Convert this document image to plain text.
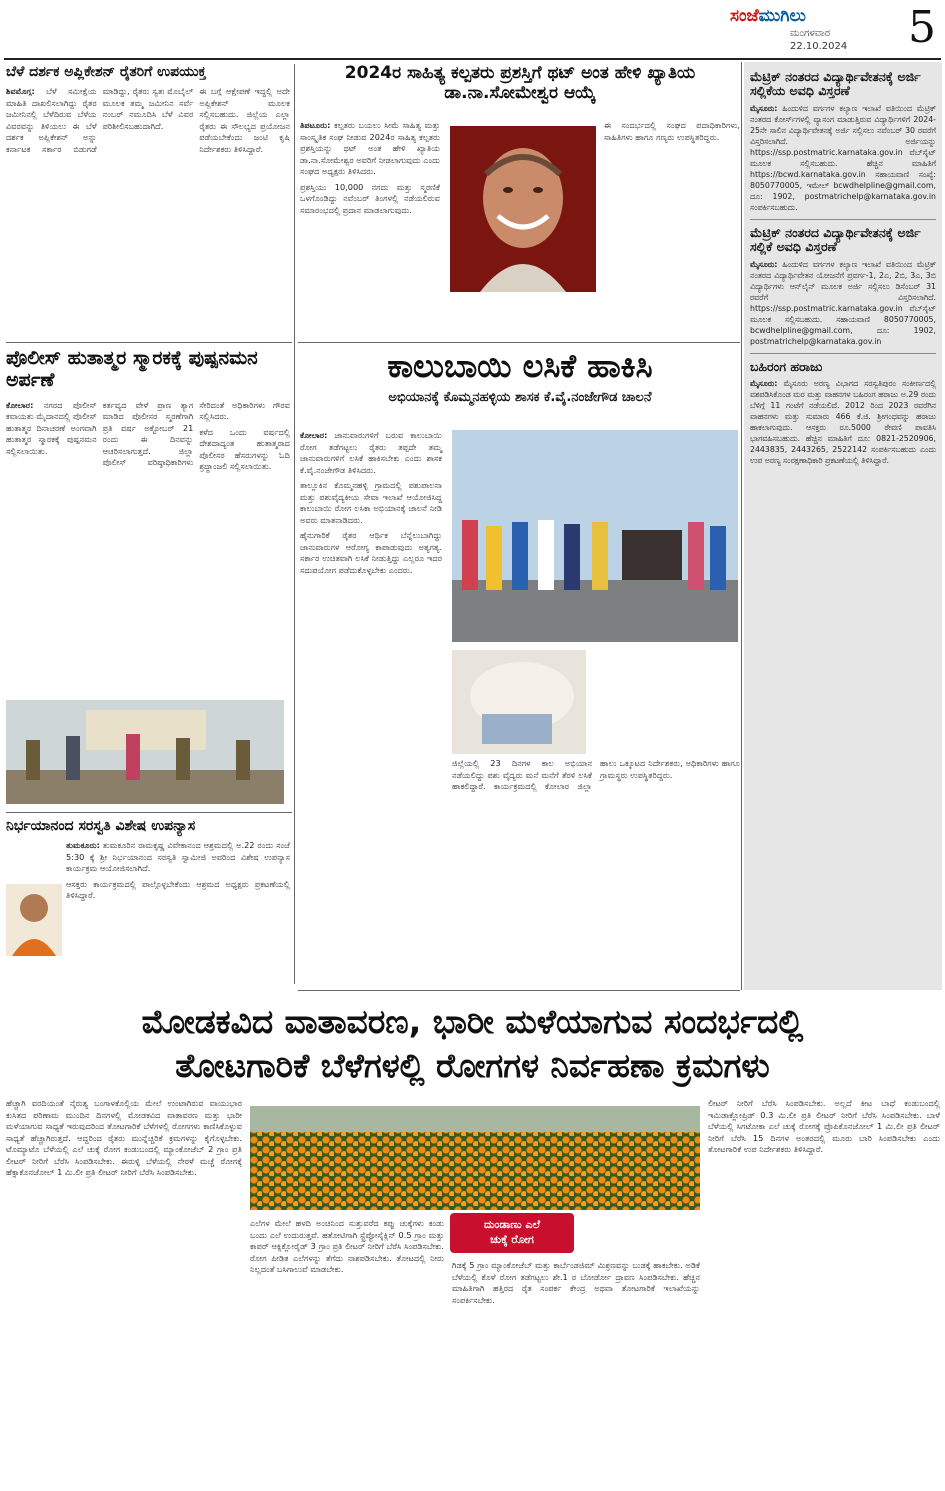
ಸಂಜೆಮುಗಿಲು
ಮಂಗಳವಾರ
22.10.2024 5
ಬೆಳೆ ದರ್ಶಕ ಅಪ್ಲಿಕೇಶನ್ ರೈತರಿಗೆ ಉಪಯುಕ್ತ

ಶಿವಮೊಗ್ಗ: ಬೆಳೆ ಸಮೀಕ್ಷೆಯ ಮಾಹಿತಿ ದಾಖಲಿಸಲಾಗಿದ್ದು ರೈತರ ಜಮೀನಿನಲ್ಲಿ ಬೆಳೆದಿರುವ ಬೆಳೆಯ ವಿವರವನ್ನು ತಿಳಿಯಲು ಈ ಬೆಳೆ ದರ್ಶಕ ಅಪ್ಲಿಕೇಶನ್ ಅನ್ನು ಕರ್ನಾಟಕ ಸರ್ಕಾರ ಬಿಡುಗಡೆ ಮಾಡಿದ್ದು, ರೈತರು ಸ್ವತಃ ಮೊಬೈಲ್ ಮೂಲಕ ತಮ್ಮ ಜಮೀನಿನ ಸರ್ವೆ ನಂಬರ್ ನಮೂದಿಸಿ ಬೆಳೆ ವಿವರ ಪರಿಶೀಲಿಸಬಹುದಾಗಿದೆ.

ಈ ಬಗ್ಗೆ ಆಕ್ಷೇಪಣೆ ಇದ್ದಲ್ಲಿ ಅದೇ ಅಪ್ಲಿಕೇಶನ್ ಮೂಲಕ ಸಲ್ಲಿಸಬಹುದು. ಜಿಲ್ಲೆಯ ಎಲ್ಲಾ ರೈತರು ಈ ಸೌಲಭ್ಯದ ಪ್ರಯೋಜನ ಪಡೆಯಬೇಕೆಂದು ಜಂಟಿ ಕೃಷಿ ನಿರ್ದೇಶಕರು ತಿಳಿಸಿದ್ದಾರೆ.

2024ರ ಸಾಹಿತ್ಯ ಕಲ್ಪತರು ಪ್ರಶಸ್ತಿಗೆ ಥಟ್ ಅಂತ ಹೇಳಿ ಖ್ಯಾತಿಯ ಡಾ.ನಾ.ಸೋಮೇಶ್ವರ ಆಯ್ಕೆ

ತಿಪಟೂರು: ಕಲ್ಪತರು ಬಯಲು ಸೀಮೆ ಸಾಹಿತ್ಯ ಮತ್ತು ಸಾಂಸ್ಕೃತಿಕ ಸಂಘ ನೀಡುವ 2024ರ ಸಾಹಿತ್ಯ ಕಲ್ಪತರು ಪ್ರಶಸ್ತಿಯನ್ನು ಥಟ್ ಅಂತ ಹೇಳಿ ಖ್ಯಾತಿಯ ಡಾ.ನಾ.ಸೋಮೇಶ್ವರ ಅವರಿಗೆ ನೀಡಲಾಗುವುದು ಎಂದು ಸಂಘದ ಅಧ್ಯಕ್ಷರು ತಿಳಿಸಿದರು.

ಪ್ರಶಸ್ತಿಯು 10,000 ನಗದು ಮತ್ತು ಸ್ಮರಣಿಕೆ ಒಳಗೊಂಡಿದ್ದು ನವೆಂಬರ್ ತಿಂಗಳಲ್ಲಿ ನಡೆಯಲಿರುವ ಸಮಾರಂಭದಲ್ಲಿ ಪ್ರದಾನ ಮಾಡಲಾಗುವುದು.

ಈ ಸಂದರ್ಭದಲ್ಲಿ ಸಂಘದ ಪದಾಧಿಕಾರಿಗಳು, ಸಾಹಿತಿಗಳು ಹಾಗೂ ಗಣ್ಯರು ಉಪಸ್ಥಿತರಿದ್ದರು.

ಪೊಲೀಸ್ ಹುತಾತ್ಮರ ಸ್ಮಾರಕಕ್ಕೆ ಪುಷ್ಪನಮನ ಅರ್ಪಣೆ

ಕೋಲಾರ: ನಗರದ ಪೊಲೀಸ್ ಕವಾಯತು ಮೈದಾನದಲ್ಲಿ ಪೊಲೀಸ್ ಹುತಾತ್ಮರ ದಿನಾಚರಣೆ ಅಂಗವಾಗಿ ಹುತಾತ್ಮರ ಸ್ಮಾರಕಕ್ಕೆ ಪುಷ್ಪನಮನ ಸಲ್ಲಿಸಲಾಯಿತು.

ಕರ್ತವ್ಯದ ವೇಳೆ ಪ್ರಾಣ ತ್ಯಾಗ ಮಾಡಿದ ಪೊಲೀಸರ ಸ್ಮರಣೆಗಾಗಿ ಪ್ರತಿ ವರ್ಷ ಅಕ್ಟೋಬರ್ 21 ರಂದು ಈ ದಿನವನ್ನು ಆಚರಿಸಲಾಗುತ್ತದೆ. ಜಿಲ್ಲಾ ಪೊಲೀಸ್ ವರಿಷ್ಠಾಧಿಕಾರಿಗಳು ಸೇರಿದಂತೆ ಅಧಿಕಾರಿಗಳು ಗೌರವ ಸಲ್ಲಿಸಿದರು.

ಕಳೆದ ಒಂದು ವರ್ಷದಲ್ಲಿ ದೇಶದಾದ್ಯಂತ ಹುತಾತ್ಮರಾದ ಪೊಲೀಸರ ಹೆಸರುಗಳನ್ನು ಓದಿ ಶ್ರದ್ಧಾಂಜಲಿ ಸಲ್ಲಿಸಲಾಯಿತು.

ನಿರ್ಭಯಾನಂದ ಸರಸ್ವತಿ ವಿಶೇಷ ಉಪನ್ಯಾಸ

ತುಮಕೂರು: ತುಮಕೂರಿನ ರಾಮಕೃಷ್ಣ ವಿವೇಕಾನಂದ ಆಶ್ರಮದಲ್ಲಿ ಅ.22 ರಂದು ಸಂಜೆ 5:30 ಕ್ಕೆ ಶ್ರೀ ನಿರ್ಭಯಾನಂದ ಸರಸ್ವತಿ ಸ್ವಾಮೀಜಿ ಅವರಿಂದ ವಿಶೇಷ ಉಪನ್ಯಾಸ ಕಾರ್ಯಕ್ರಮ ಆಯೋಜಿಸಲಾಗಿದೆ.

ಆಸಕ್ತರು ಕಾರ್ಯಕ್ರಮದಲ್ಲಿ ಪಾಲ್ಗೊಳ್ಳಬೇಕೆಂದು ಆಶ್ರಮದ ಅಧ್ಯಕ್ಷರು ಪ್ರಕಟಣೆಯಲ್ಲಿ ತಿಳಿಸಿದ್ದಾರೆ.

ಕಾಲುಬಾಯಿ ಲಸಿಕೆ ಹಾಕಿಸಿ
ಅಭಿಯಾನಕ್ಕೆ ಕೊಮ್ಮನಹಳ್ಳಿಯ ಶಾಸಕ ಕೆ.ವೈ.ನಂಜೇಗೌಡ ಚಾಲನೆ

ಕೋಲಾರ: ಜಾನುವಾರುಗಳಿಗೆ ಬರುವ ಕಾಲುಬಾಯಿ ರೋಗ ತಡೆಗಟ್ಟಲು ರೈತರು ತಪ್ಪದೇ ತಮ್ಮ ಜಾನುವಾರುಗಳಿಗೆ ಲಸಿಕೆ ಹಾಕಿಸಬೇಕು ಎಂದು ಶಾಸಕ ಕೆ.ವೈ.ನಂಜೇಗೌಡ ತಿಳಿಸಿದರು.

ತಾಲ್ಲೂಕಿನ ಕೊಮ್ಮನಹಳ್ಳಿ ಗ್ರಾಮದಲ್ಲಿ ಪಶುಪಾಲನಾ ಮತ್ತು ಪಶುವೈದ್ಯಕೀಯ ಸೇವಾ ಇಲಾಖೆ ಆಯೋಜಿಸಿದ್ದ ಕಾಲುಬಾಯಿ ರೋಗ ಲಸಿಕಾ ಅಭಿಯಾನಕ್ಕೆ ಚಾಲನೆ ನೀಡಿ ಅವರು ಮಾತನಾಡಿದರು.

ಹೈನುಗಾರಿಕೆ ರೈತರ ಆರ್ಥಿಕ ಬೆನ್ನೆಲುಬಾಗಿದ್ದು ಜಾನುವಾರುಗಳ ಆರೋಗ್ಯ ಕಾಪಾಡುವುದು ಅತ್ಯಗತ್ಯ. ಸರ್ಕಾರ ಉಚಿತವಾಗಿ ಲಸಿಕೆ ನೀಡುತ್ತಿದ್ದು ಎಲ್ಲರೂ ಇದರ ಸದುಪಯೋಗ ಪಡೆದುಕೊಳ್ಳಬೇಕು ಎಂದರು.

ಜಿಲ್ಲೆಯಲ್ಲಿ 23 ದಿನಗಳ ಕಾಲ ಅಭಿಯಾನ ನಡೆಯಲಿದ್ದು ಪಶು ವೈದ್ಯರು ಮನೆ ಮನೆಗೆ ತೆರಳಿ ಲಸಿಕೆ ಹಾಕಲಿದ್ದಾರೆ. ಕಾರ್ಯಕ್ರಮದಲ್ಲಿ ಕೋಲಾರ ಜಿಲ್ಲಾ ಹಾಲು ಒಕ್ಕೂಟದ ನಿರ್ದೇಶಕರು, ಅಧಿಕಾರಿಗಳು ಹಾಗೂ ಗ್ರಾಮಸ್ಥರು ಉಪಸ್ಥಿತರಿದ್ದರು.

ಮೆಟ್ರಿಕ್ ನಂತರದ ವಿದ್ಯಾರ್ಥಿವೇತನಕ್ಕೆ ಅರ್ಜಿ ಸಲ್ಲಿಕೆಯ ಅವಧಿ ವಿಸ್ತರಣೆ
ಮೈಸೂರು: ಹಿಂದುಳಿದ ವರ್ಗಗಳ ಕಲ್ಯಾಣ ಇಲಾಖೆ ವತಿಯಿಂದ ಮೆಟ್ರಿಕ್ ನಂತರದ ಕೋರ್ಸ್‌ಗಳಲ್ಲಿ ವ್ಯಾಸಂಗ ಮಾಡುತ್ತಿರುವ ವಿದ್ಯಾರ್ಥಿಗಳಿಗೆ 2024-25ನೇ ಸಾಲಿನ ವಿದ್ಯಾರ್ಥಿವೇತನಕ್ಕೆ ಅರ್ಜಿ ಸಲ್ಲಿಸಲು ನವೆಂಬರ್ 30 ರವರೆಗೆ ವಿಸ್ತರಿಸಲಾಗಿದೆ. ಅರ್ಜಿಯನ್ನು https://ssp.postmatric.karnataka.gov.in ವೆಬ್‌ಸೈಟ್ ಮೂಲಕ ಸಲ್ಲಿಸಬಹುದು. ಹೆಚ್ಚಿನ ಮಾಹಿತಿಗೆ https://bcwd.karnataka.gov.in ಸಹಾಯವಾಣಿ ಸಂಖ್ಯೆ: 8050770005, ಇಮೇಲ್ bcwdhelpline@gmail.com, ದೂ: 1902, postmatrichelp@karnataka.gov.in ಸಂಪರ್ಕಿಸಬಹುದು.
ಮೆಟ್ರಿಕ್ ನಂತರದ ವಿದ್ಯಾರ್ಥಿವೇತನಕ್ಕೆ ಅರ್ಜಿ ಸಲ್ಲಿಕೆ ಅವಧಿ ವಿಸ್ತರಣೆ
ಮೈಸೂರು: ಹಿಂದುಳಿದ ವರ್ಗಗಳ ಕಲ್ಯಾಣ ಇಲಾಖೆ ವತಿಯಿಂದ ಮೆಟ್ರಿಕ್ ನಂತರದ ವಿದ್ಯಾರ್ಥಿವೇತನ ಯೋಜನೆಗೆ ಪ್ರವರ್ಗ-1, 2ಎ, 2ಬಿ, 3ಎ, 3ಬಿ ವಿದ್ಯಾರ್ಥಿಗಳು ಆನ್‌ಲೈನ್ ಮೂಲಕ ಅರ್ಜಿ ಸಲ್ಲಿಸಲು ಡಿಸೆಂಬರ್ 31 ರವರೆಗೆ ವಿಸ್ತರಿಸಲಾಗಿದೆ. https://ssp.postmatric.karnataka.gov.in ವೆಬ್‌ಸೈಟ್ ಮೂಲಕ ಸಲ್ಲಿಸಬಹುದು. ಸಹಾಯವಾಣಿ 8050770005, bcwdhelpline@gmail.com, ದೂ: 1902, postmatrichelp@karnataka.gov.in
ಬಹಿರಂಗ ಹರಾಜು
ಮೈಸೂರು: ಮೈಸೂರು ಅರಣ್ಯ ವಿಭಾಗದ ಸರಸ್ವತಿಪುರಂ ಸಂಕೀರ್ಣದಲ್ಲಿ ವಶಪಡಿಸಿಕೊಂಡ ಮರ ಮತ್ತು ವಾಹನಗಳ ಬಹಿರಂಗ ಹರಾಜು ಅ.29 ರಂದು ಬೆಳಿಗ್ಗೆ 11 ಗಂಟೆಗೆ ನಡೆಯಲಿದೆ. 2012 ರಿಂದ 2023 ರವರೆಗಿನ ವಾಹನಗಳು ಮತ್ತು ಸುಮಾರು 466 ಕೆ.ಜಿ. ಶ್ರೀಗಂಧವನ್ನು ಹರಾಜು ಹಾಕಲಾಗುವುದು. ಆಸಕ್ತರು ರೂ.5000 ಠೇವಣಿ ಪಾವತಿಸಿ ಭಾಗವಹಿಸಬಹುದು. ಹೆಚ್ಚಿನ ಮಾಹಿತಿಗೆ ದೂ: 0821-2520906, 2443835, 2443265, 2522142 ಸಂಪರ್ಕಿಸಬಹುದು ಎಂದು ಉಪ ಅರಣ್ಯ ಸಂರಕ್ಷಣಾಧಿಕಾರಿ ಪ್ರಕಟಣೆಯಲ್ಲಿ ತಿಳಿಸಿದ್ದಾರೆ.
ಮೋಡಕವಿದ ವಾತಾವರಣ, ಭಾರೀ ಮಳೆಯಾಗುವ ಸಂದರ್ಭದಲ್ಲಿ
ತೋಟಗಾರಿಕೆ ಬೆಳೆಗಳಲ್ಲಿ ರೋಗಗಳ ನಿರ್ವಹಣಾ ಕ್ರಮಗಳು

ಹೆಚ್ಚಾಗಿ ವರದಿಯಂತೆ ನೈರುತ್ಯ ಬಂಗಾಳಕೊಲ್ಲಿಯ ಮೇಲೆ ಉಂಟಾಗಿರುವ ವಾಯುಭಾರ ಕುಸಿತದ ಪರಿಣಾಮ ಮುಂದಿನ ದಿನಗಳಲ್ಲಿ ಮೋಡಕವಿದ ವಾತಾವರಣ ಮತ್ತು ಭಾರೀ ಮಳೆಯಾಗುವ ಸಾಧ್ಯತೆ ಇರುವುದರಿಂದ ತೋಟಗಾರಿಕೆ ಬೆಳೆಗಳಲ್ಲಿ ರೋಗಗಳು ಕಾಣಿಸಿಕೊಳ್ಳುವ ಸಾಧ್ಯತೆ ಹೆಚ್ಚಾಗಿರುತ್ತದೆ. ಆದ್ದರಿಂದ ರೈತರು ಮುನ್ನೆಚ್ಚರಿಕೆ ಕ್ರಮಗಳನ್ನು ಕೈಗೊಳ್ಳಬೇಕು. ಟೊಮ್ಯಾಟೊ ಬೆಳೆಯಲ್ಲಿ ಎಲೆ ಚುಕ್ಕೆ ರೋಗ ಕಂಡುಬಂದಲ್ಲಿ ಮ್ಯಾಂಕೋಜೆಬ್ 2 ಗ್ರಾಂ ಪ್ರತಿ ಲೀಟರ್ ನೀರಿಗೆ ಬೆರೆಸಿ ಸಿಂಪಡಿಸಬೇಕು. ಈರುಳ್ಳಿ ಬೆಳೆಯಲ್ಲಿ ನೇರಳೆ ಮಚ್ಚೆ ರೋಗಕ್ಕೆ ಹೆಕ್ಸಾಕೊನಜೋಲ್ 1 ಮಿ.ಲೀ ಪ್ರತಿ ಲೀಟರ್ ನೀರಿಗೆ ಬೆರೆಸಿ ಸಿಂಪಡಿಸಬೇಕು.

ಎಲೆಗಳ ಮೇಲೆ ಹಳದಿ ಅಂಚಿನಿಂದ ಸುತ್ತುವರೆದ ಕಪ್ಪು ಚುಕ್ಕೆಗಳು ಕಂಡು ಬಂದು ಎಲೆ ಉದುರುತ್ತವೆ. ಹತೋಟಿಗಾಗಿ ಸ್ಟ್ರೆಪ್ಟೋಸೈಕ್ಲಿನ್ 0.5 ಗ್ರಾಂ ಮತ್ತು ಕಾಪರ್ ಆಕ್ಸಿಕ್ಲೋರೈಡ್ 3 ಗ್ರಾಂ ಪ್ರತಿ ಲೀಟರ್ ನೀರಿಗೆ ಬೆರೆಸಿ ಸಿಂಪಡಿಸಬೇಕು. ರೋಗ ಪೀಡಿತ ಎಲೆಗಳನ್ನು ತೆಗೆದು ನಾಶಪಡಿಸಬೇಕು. ತೋಟದಲ್ಲಿ ನೀರು ನಿಲ್ಲದಂತೆ ಬಸಿಗಾಲುವೆ ಮಾಡಬೇಕು.

ದುಂಡಾಣು ಎಲೆ
ಚುಕ್ಕೆ ರೋಗ

ಗಿಡಕ್ಕೆ 5 ಗ್ರಾಂ ಮ್ಯಾಂಕೋಜೆಬ್ ಮತ್ತು ಕಾರ್ಬೆಂಡಜಿಮ್ ಮಿಶ್ರಣವನ್ನು ಬುಡಕ್ಕೆ ಹಾಕಬೇಕು. ಅಡಿಕೆ ಬೆಳೆಯಲ್ಲಿ ಕೊಳೆ ರೋಗ ತಡೆಗಟ್ಟಲು ಶೇ.1 ರ ಬೋರ್ಡೋ ದ್ರಾವಣ ಸಿಂಪಡಿಸಬೇಕು. ಹೆಚ್ಚಿನ ಮಾಹಿತಿಗಾಗಿ ಹತ್ತಿರದ ರೈತ ಸಂಪರ್ಕ ಕೇಂದ್ರ ಅಥವಾ ತೋಟಗಾರಿಕೆ ಇಲಾಖೆಯನ್ನು ಸಂಪರ್ಕಿಸಬೇಕು.

ಲೀಟರ್ ನೀರಿಗೆ ಬೆರೆಸಿ ಸಿಂಪಡಿಸಬೇಕು. ಅಲ್ಲದೆ ಕೀಟ ಬಾಧೆ ಕಂಡುಬಂದಲ್ಲಿ ಇಮಿಡಾಕ್ಲೋಪ್ರಿಡ್ 0.3 ಮಿ.ಲೀ ಪ್ರತಿ ಲೀಟರ್ ನೀರಿಗೆ ಬೆರೆಸಿ ಸಿಂಪಡಿಸಬೇಕು. ಬಾಳೆ ಬೆಳೆಯಲ್ಲಿ ಸಿಗಟೋಕಾ ಎಲೆ ಚುಕ್ಕೆ ರೋಗಕ್ಕೆ ಪ್ರೊಪಿಕೊನಜೋಲ್ 1 ಮಿ.ಲೀ ಪ್ರತಿ ಲೀಟರ್ ನೀರಿಗೆ ಬೆರೆಸಿ 15 ದಿನಗಳ ಅಂತರದಲ್ಲಿ ಮೂರು ಬಾರಿ ಸಿಂಪಡಿಸಬೇಕು ಎಂದು ತೋಟಗಾರಿಕೆ ಉಪ ನಿರ್ದೇಶಕರು ತಿಳಿಸಿದ್ದಾರೆ.
